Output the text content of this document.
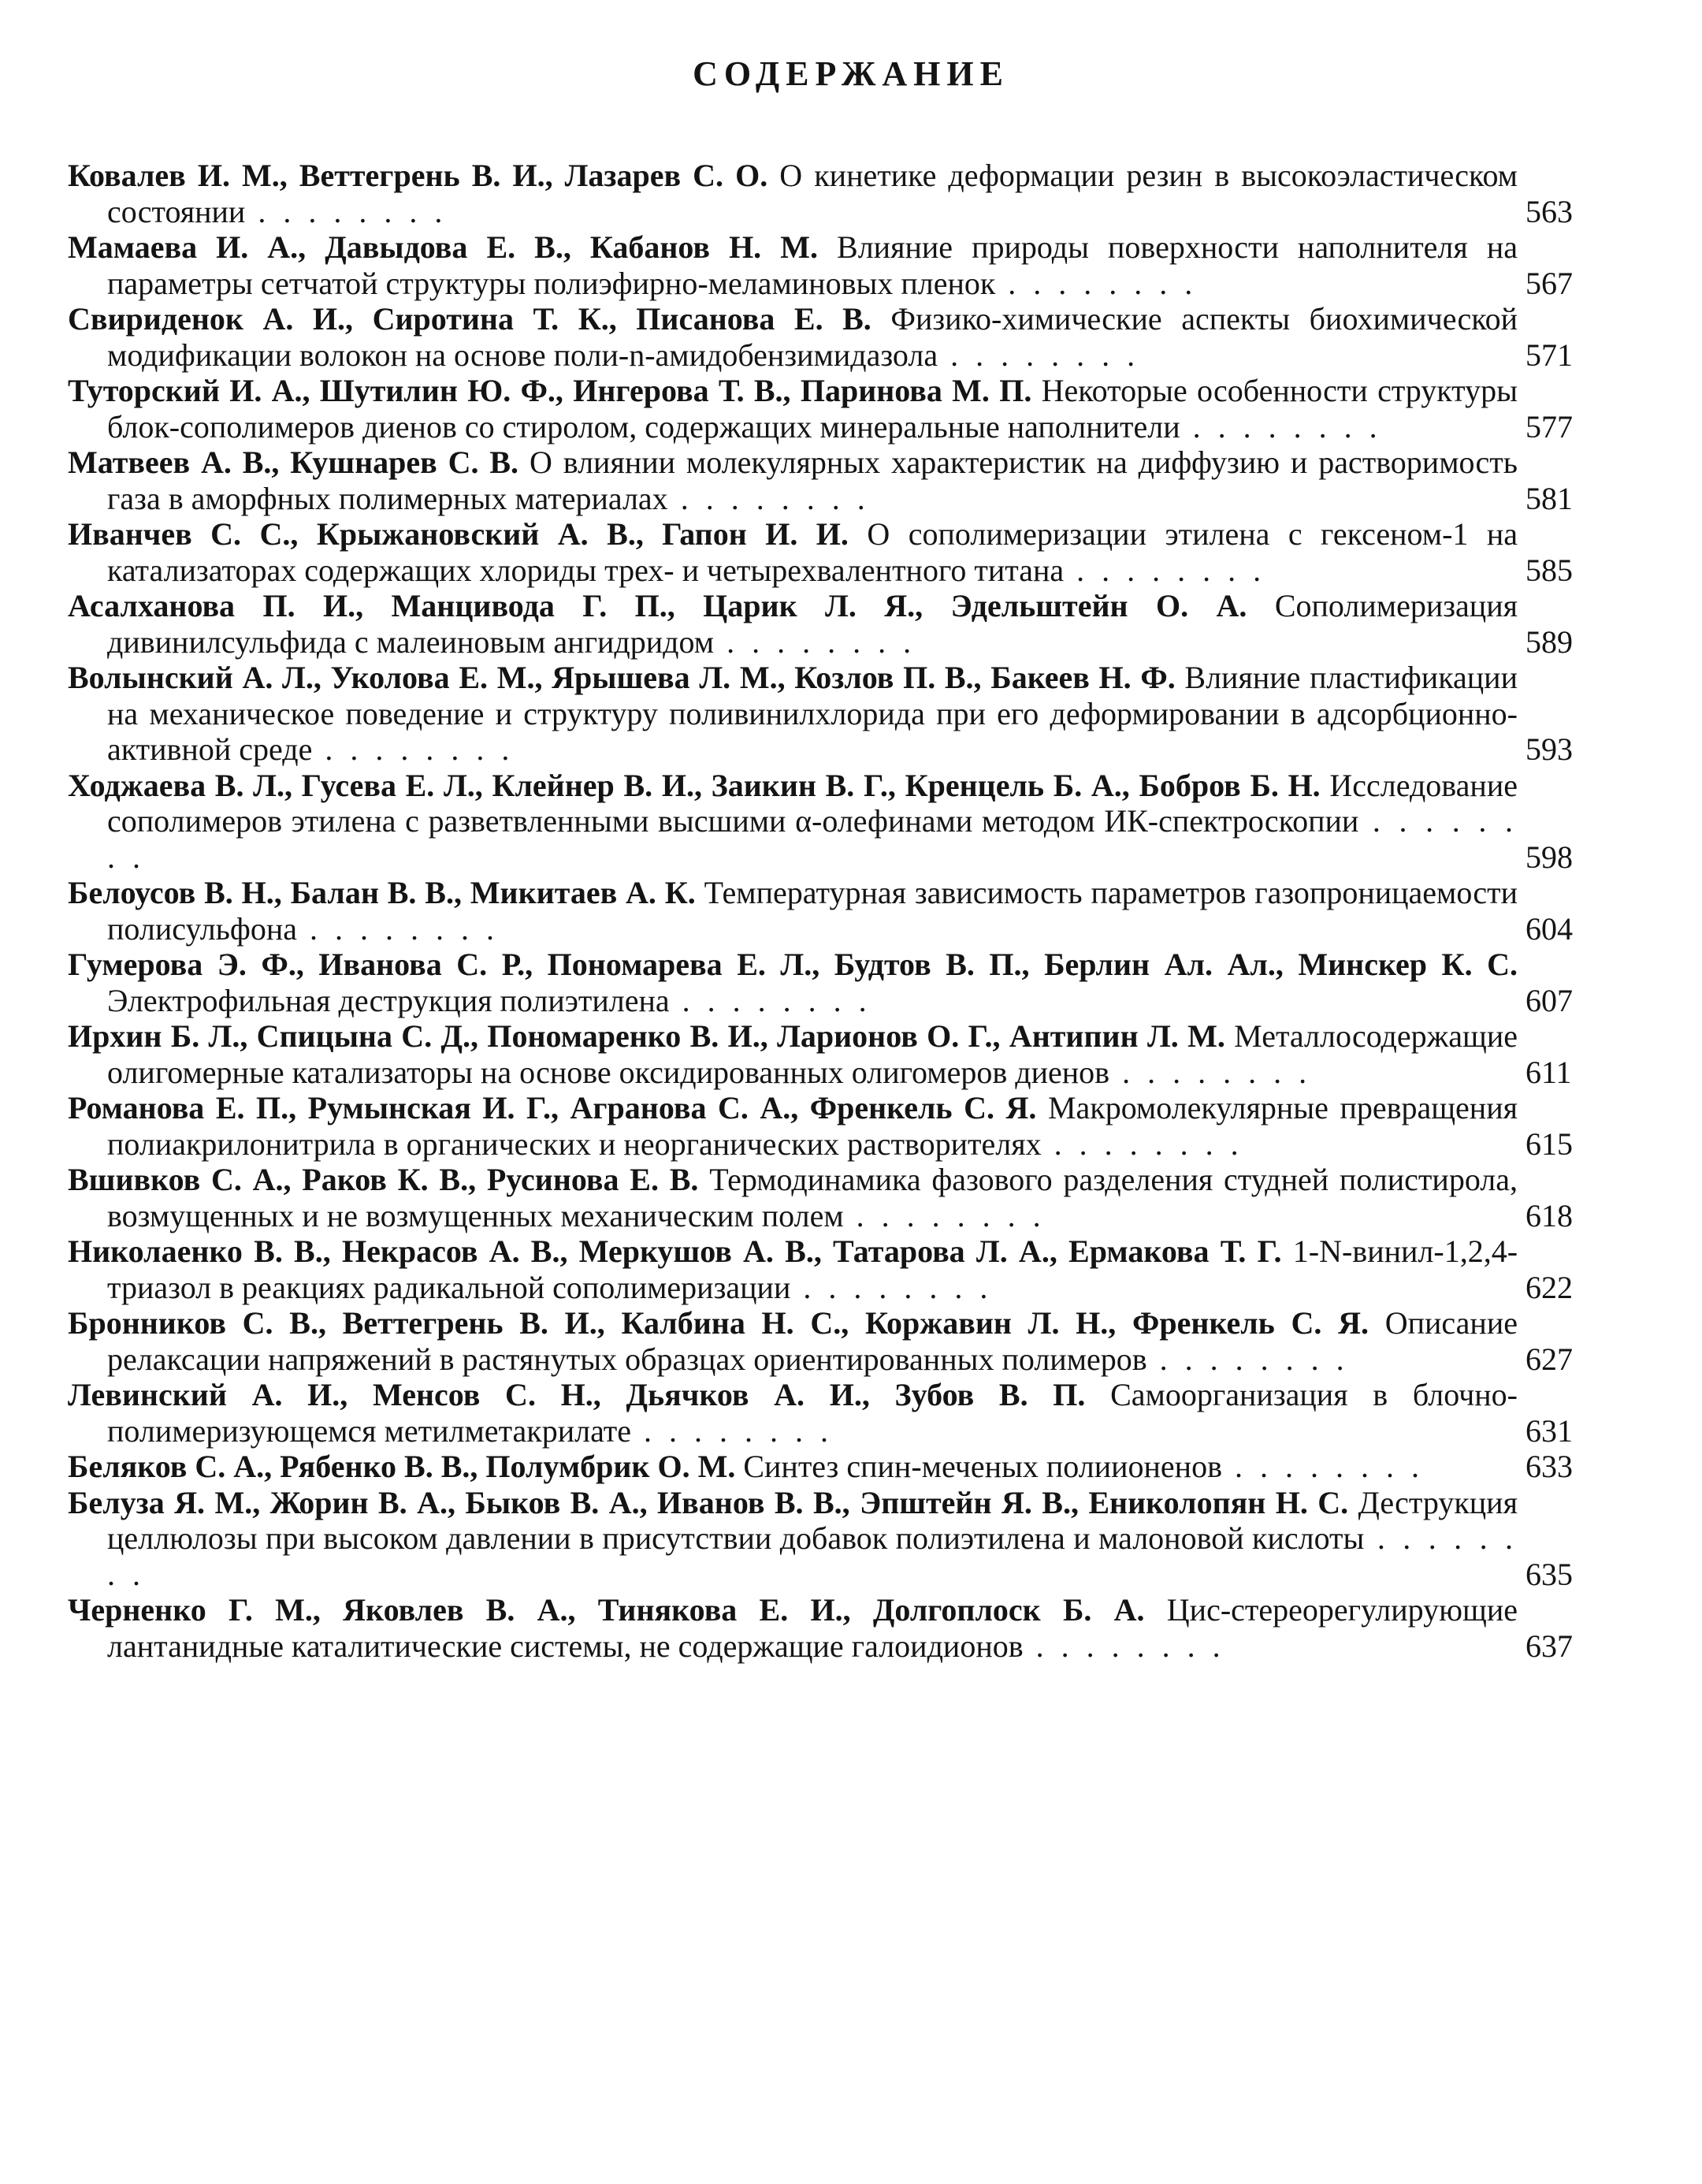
СОДЕРЖАНИЕ

Ковалев И. М., Веттегрень В. И., Лазарев С. О. О кинетике деформации резин в высокоэластическом состоянии . . . . . . . .	563

Мамаева И. А., Давыдова Е. В., Кабанов Н. М. Влияние природы поверхности наполнителя на параметры сетчатой структуры полиэфирно-меламиновых пленок . . . . . . . .	567

Свириденок А. И., Сиротина Т. К., Писанова Е. В. Физико-химические аспекты биохимической модификации волокон на основе поли-n-амидобензимидазола . . . . . . . .	571

Туторский И. А., Шутилин Ю. Ф., Ингерова Т. В., Паринова М. П. Некоторые особенности структуры блок-сополимеров диенов со стиролом, содержащих минеральные наполнители . . . . . . . .	577

Матвеев А. В., Кушнарев С. В. О влиянии молекулярных характеристик на диффузию и растворимость газа в аморфных полимерных материалах . . . . . . . .	581

Иванчев С. С., Крыжановский А. В., Гапон И. И. О сополимеризации этилена с гексеном-1 на катализаторах содержащих хлориды трех- и четырехвалентного титана . . . . . . . .	585

Асалханова П. И., Манцивода Г. П., Царик Л. Я., Эдельштейн О. А. Сополимеризация дивинилсульфида с малеиновым ангидридом . . . . . . . .	589

Волынский А. Л., Уколова Е. М., Ярышева Л. М., Козлов П. В., Бакеев Н. Ф. Влияние пластификации на механическое поведение и структуру поливинилхлорида при его деформировании в адсорбционно-активной среде . . . . . . . .	593

Ходжаева В. Л., Гусева Е. Л., Клейнер В. И., Заикин В. Г., Кренцель Б. А., Бобров Б. Н. Исследование сополимеров этилена с разветвленными высшими α-олефинами методом ИК-спектроскопии . . . . . . . .	598

Белоусов В. Н., Балан В. В., Микитаев А. К. Температурная зависимость параметров газопроницаемости полисульфона . . . . . . . .	604

Гумерова Э. Ф., Иванова С. Р., Пономарева Е. Л., Будтов В. П., Берлин Ал. Ал., Минскер К. С. Электрофильная деструкция полиэтилена . . . . . . . .	607

Ирхин Б. Л., Спицына С. Д., Пономаренко В. И., Ларионов О. Г., Антипин Л. М. Металлосодержащие олигомерные катализаторы на основе оксидированных олигомеров диенов . . . . . . . .	611

Романова Е. П., Румынская И. Г., Агранова С. А., Френкель С. Я. Макромолекулярные превращения полиакрилонитрила в органических и неорганических растворителях . . . . . . . .	615

Вшивков С. А., Раков К. В., Русинова Е. В. Термодинамика фазового разделения студней полистирола, возмущенных и не возмущенных механическим полем . . . . . . . .	618

Николаенко В. В., Некрасов А. В., Меркушов А. В., Татарова Л. А., Ермакова Т. Г. 1-N-винил-1,2,4-триазол в реакциях радикальной сополимеризации . . . . . . . .	622

Бронников С. В., Веттегрень В. И., Калбина Н. С., Коржавин Л. Н., Френкель С. Я. Описание релаксации напряжений в растянутых образцах ориентированных полимеров . . . . . . . .	627

Левинский А. И., Менсов С. Н., Дьячков А. И., Зубов В. П. Самоорганизация в блочно-полимеризующемся метилметакрилате . . . . . . . .	631

Беляков С. А., Рябенко В. В., Полумбрик О. М. Синтез спин-меченых полиионенов . . . . . . . .	633

Белуза Я. М., Жорин В. А., Быков В. А., Иванов В. В., Эпштейн Я. В., Ениколопян Н. С. Деструкция целлюлозы при высоком давлении в присутствии добавок полиэтилена и малоновой кислоты . . . . . . . .	635

Черненко Г. М., Яковлев В. А., Тинякова Е. И., Долгоплоск Б. А. Цис-стереорегулирующие лантанидные каталитические системы, не содержащие галоидионов . . . . . . . .	637
